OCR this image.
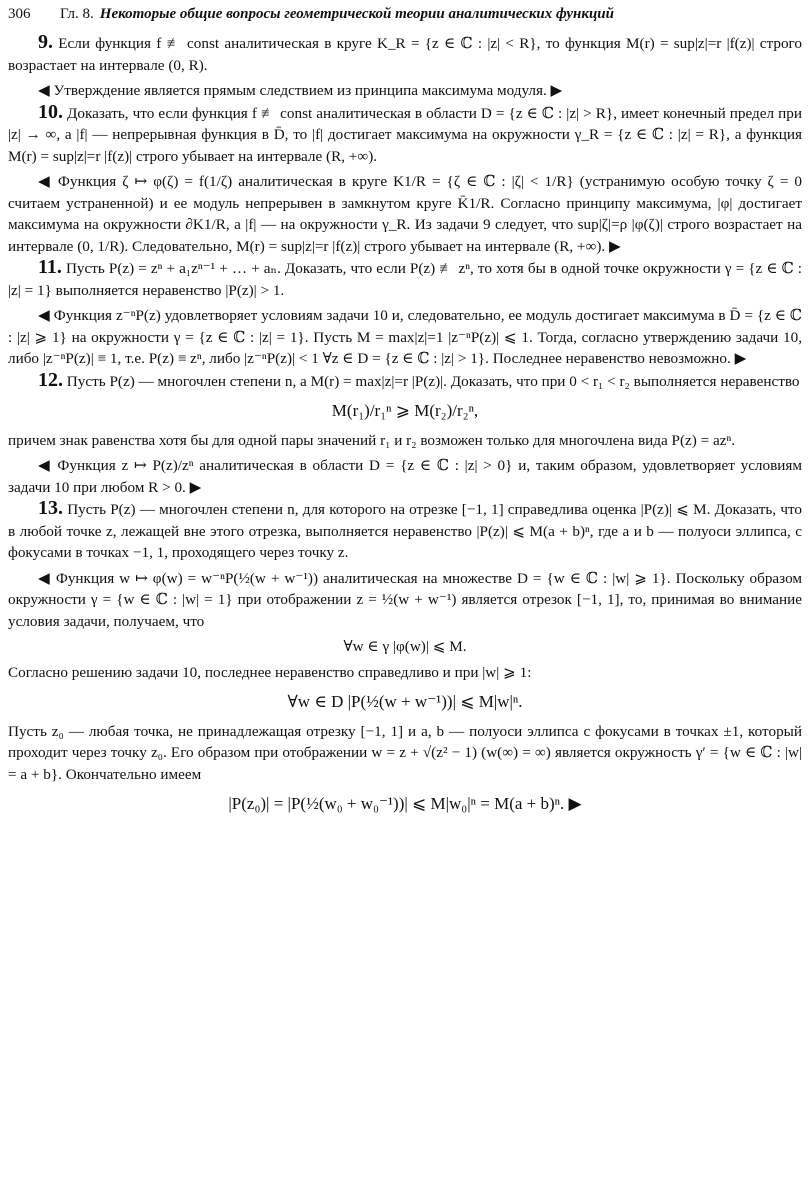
306	Гл. 8. Некоторые общие вопросы геометрической теории аналитических функций

9. Если функция f ≢ const аналитическая в круге K_R = {z ∈ ℂ : |z| < R}, то функция M(r) = sup|z|=r |f(z)| строго возрастает на интервале (0, R).

◀ Утверждение является прямым следствием из принципа максимума модуля. ▶

10. Доказать, что если функция f ≢ const аналитическая в области D = {z ∈ ℂ : |z| > R}, имеет конечный предел при |z| → ∞, а |f| — непрерывная функция в D̄, то |f| достигает максимума на окружности γ_R = {z ∈ ℂ : |z| = R}, а функция M(r) = sup|z|=r |f(z)| строго убывает на интервале (R, +∞).

◀ Функция ζ ↦ φ(ζ) = f(1/ζ) аналитическая в круге K1/R = {ζ ∈ ℂ : |ζ| < 1/R} (устранимую особую точку ζ = 0 считаем устраненной) и ее модуль непрерывен в замкнутом круге K̄1/R. Согласно принципу максимума, |φ| достигает максимума на окружности ∂K1/R, а |f| — на окружности γ_R. Из задачи 9 следует, что sup|ζ|=ρ |φ(ζ)| строго возрастает на интервале (0, 1/R). Следовательно, M(r) = sup|z|=r |f(z)| строго убывает на интервале (R, +∞). ▶

11. Пусть P(z) = zⁿ + a₁zⁿ⁻¹ + … + aₙ. Доказать, что если P(z) ≢ zⁿ, то хотя бы в одной точке окружности γ = {z ∈ ℂ : |z| = 1} выполняется неравенство |P(z)| > 1.

◀ Функция z⁻ⁿP(z) удовлетворяет условиям задачи 10 и, следовательно, ее модуль достигает максимума в D̄ = {z ∈ ℂ : |z| ⩾ 1} на окружности γ = {z ∈ ℂ : |z| = 1}. Пусть M = max|z|=1 |z⁻ⁿP(z)| ⩽ 1. Тогда, согласно утверждению задачи 10, либо |z⁻ⁿP(z)| ≡ 1, т.е. P(z) ≡ zⁿ, либо |z⁻ⁿP(z)| < 1 ∀z ∈ D = {z ∈ ℂ : |z| > 1}. Последнее неравенство невозможно. ▶

12. Пусть P(z) — многочлен степени n, а M(r) = max|z|=r |P(z)|. Доказать, что при 0 < r₁ < r₂ выполняется неравенство

M(r₁)/r₁ⁿ ⩾ M(r₂)/r₂ⁿ,

причем знак равенства хотя бы для одной пары значений r₁ и r₂ возможен только для многочлена вида P(z) = azⁿ.

◀ Функция z ↦ P(z)/zⁿ аналитическая в области D = {z ∈ ℂ : |z| > 0} и, таким образом, удовлетворяет условиям задачи 10 при любом R > 0. ▶

13. Пусть P(z) — многочлен степени n, для которого на отрезке [−1, 1] справедлива оценка |P(z)| ⩽ M. Доказать, что в любой точке z, лежащей вне этого отрезка, выполняется неравенство |P(z)| ⩽ M(a + b)ⁿ, где a и b — полуоси эллипса, с фокусами в точках −1, 1, проходящего через точку z.

◀ Функция w ↦ φ(w) = w⁻ⁿP(½(w + w⁻¹)) аналитическая на множестве D = {w ∈ ℂ : |w| ⩾ 1}. Поскольку образом окружности γ = {w ∈ ℂ : |w| = 1} при отображении z = ½(w + w⁻¹) является отрезок [−1, 1], то, принимая во внимание условия задачи, получаем, что

∀w ∈ γ |φ(w)| ⩽ M.

Согласно решению задачи 10, последнее неравенство справедливо и при |w| ⩾ 1:

∀w ∈ D |P(½(w + w⁻¹))| ⩽ M|w|ⁿ.

Пусть z₀ — любая точка, не принадлежащая отрезку [−1, 1] и a, b — полуоси эллипса с фокусами в точках ±1, который проходит через точку z₀. Его образом при отображении w = z + √(z² − 1) (w(∞) = ∞) является окружность γ′ = {w ∈ ℂ : |w| = a + b}. Окончательно имеем

|P(z₀)| = |P(½(w₀ + w₀⁻¹))| ⩽ M|w₀|ⁿ = M(a + b)ⁿ. ▶
